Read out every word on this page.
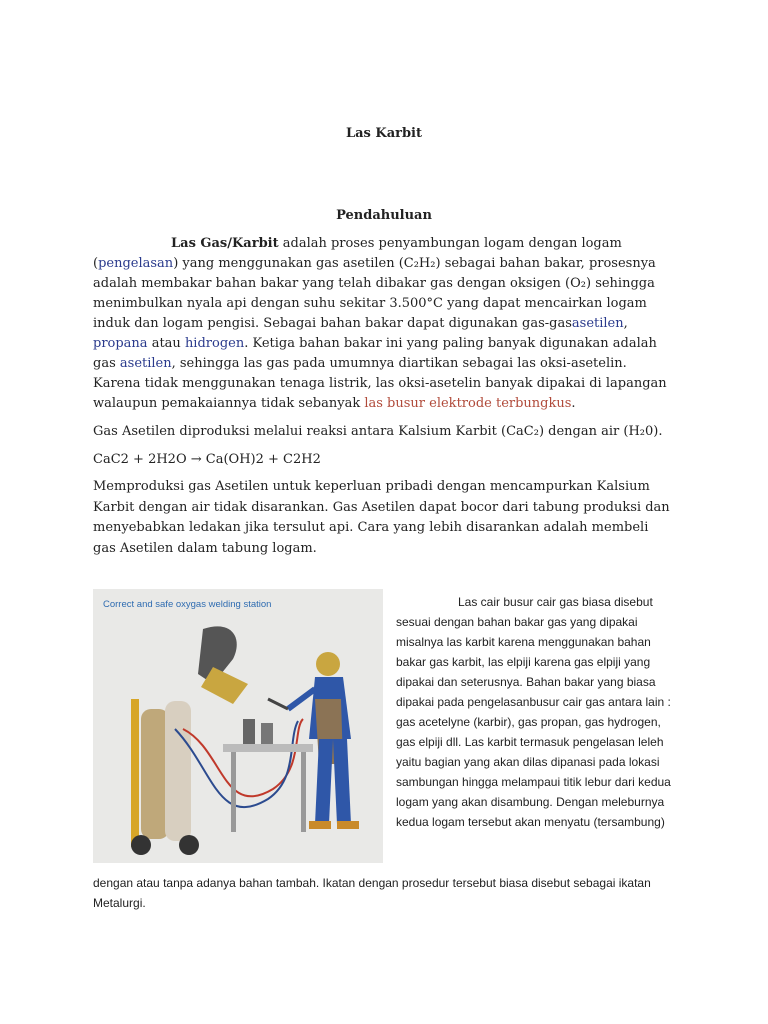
Las Karbit
Pendahuluan
Las Gas/Karbit adalah proses penyambungan logam dengan logam (pengelasan) yang menggunakan gas asetilen (C₂H₂) sebagai bahan bakar, prosesnya adalah membakar bahan bakar yang telah dibakar gas dengan oksigen (O₂) sehingga menimbulkan nyala api dengan suhu sekitar 3.500°C yang dapat mencairkan logam induk dan logam pengisi. Sebagai bahan bakar dapat digunakan gas-gasasetilen, propana atau hidrogen. Ketiga bahan bakar ini yang paling banyak digunakan adalah gas asetilen, sehingga las gas pada umumnya diartikan sebagai las oksi-asetelin. Karena tidak menggunakan tenaga listrik, las oksi-asetelin banyak dipakai di lapangan walaupun pemakaiannya tidak sebanyak las busur elektrode terbungkus.
Gas Asetilen diproduksi melalui reaksi antara Kalsium Karbit (CaC₂) dengan air (H₂0).
CaC2 + 2H2O → Ca(OH)2 + C2H2
Memproduksi gas Asetilen untuk keperluan pribadi dengan mencampurkan Kalsium Karbit dengan air tidak disarankan. Gas Asetilen dapat bocor dari tabung produksi dan menyebabkan ledakan jika tersulut api. Cara yang lebih disarankan adalah membeli gas Asetilen dalam tabung logam.
Correct and safe oxygas welding station	Las cair busur cair gas biasa disebut sesuai dengan bahan bakar gas yang dipakai misalnya las karbit karena menggunakan bahan bakar gas karbit, las elpiji karena gas elpiji yang dipakai dan seterusnya. Bahan bakar yang biasa dipakai pada pengelasanbusur cair gas antara lain : gas acetelyne (karbir), gas propan, gas hydrogen, gas elpiji dll. Las karbit termasuk pengelasan leleh yaitu bagian yang akan dilas dipanasi pada lokasi sambungan hingga melampaui titik lebur dari kedua logam yang akan disambung. Dengan meleburnya kedua logam tersebut akan menyatu (tersambung)
dengan atau tanpa adanya bahan tambah. Ikatan dengan prosedur tersebut biasa disebut sebagai ikatan Metalurgi.
